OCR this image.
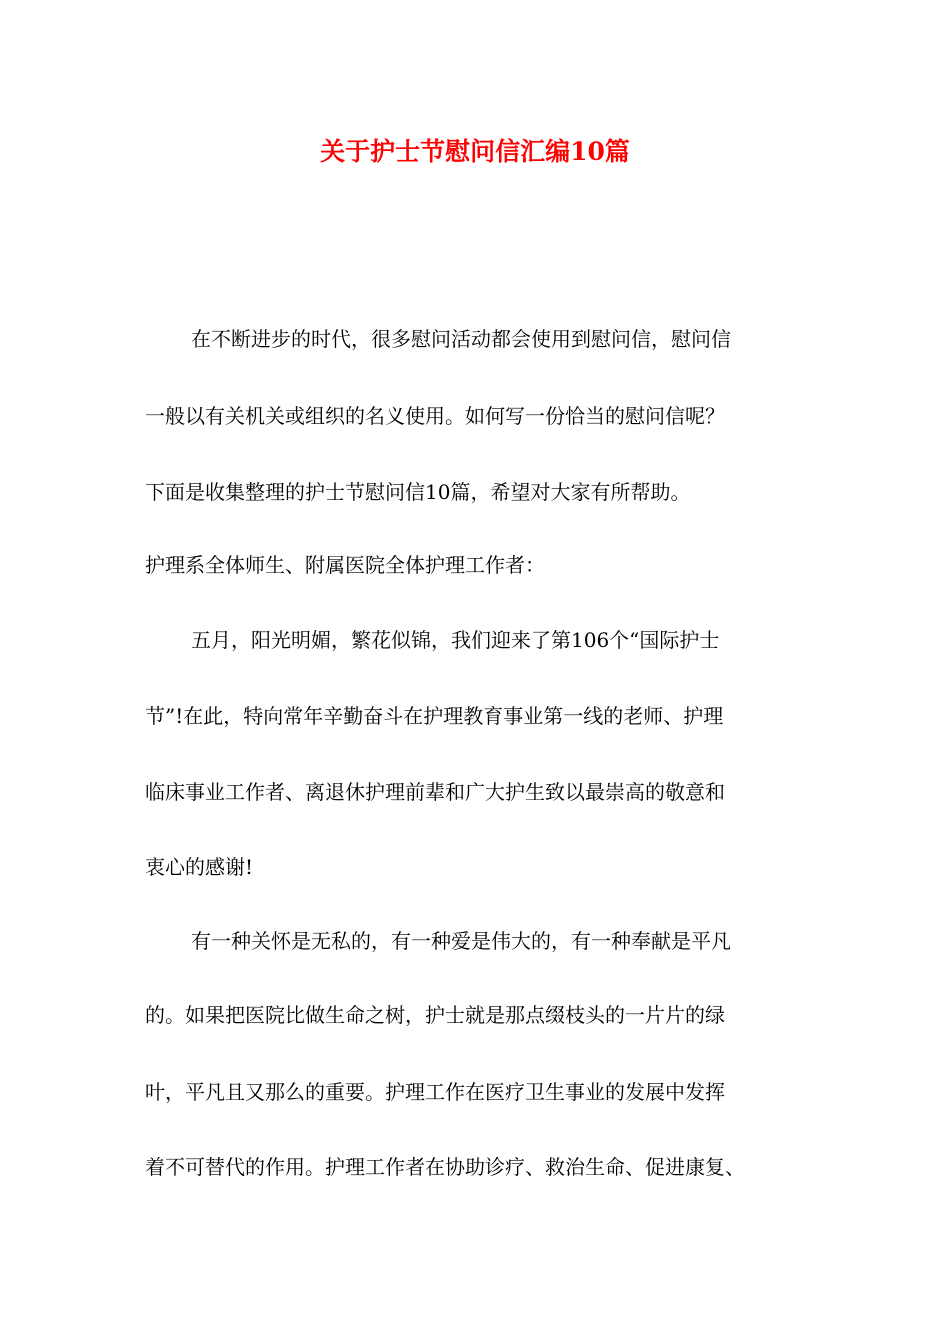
关于护士节慰问信汇编10篇

在不断进步的时代，很多慰问活动都会使用到慰问信，慰问信

一般以有关机关或组织的名义使用。如何写一份恰当的慰问信呢？

下面是收集整理的护士节慰问信10篇，希望对大家有所帮助。

护理系全体师生、附属医院全体护理工作者：

五月，阳光明媚，繁花似锦，我们迎来了第106个“国际护士

节”!在此，特向常年辛勤奋斗在护理教育事业第一线的老师、护理

临床事业工作者、离退休护理前辈和广大护生致以最崇高的敬意和

衷心的感谢!

有一种关怀是无私的，有一种爱是伟大的，有一种奉献是平凡

的。如果把医院比做生命之树，护士就是那点缀枝头的一片片的绿

叶，平凡且又那么的重要。护理工作在医疗卫生事业的发展中发挥

着不可替代的作用。护理工作者在协助诊疗、救治生命、促进康复、
